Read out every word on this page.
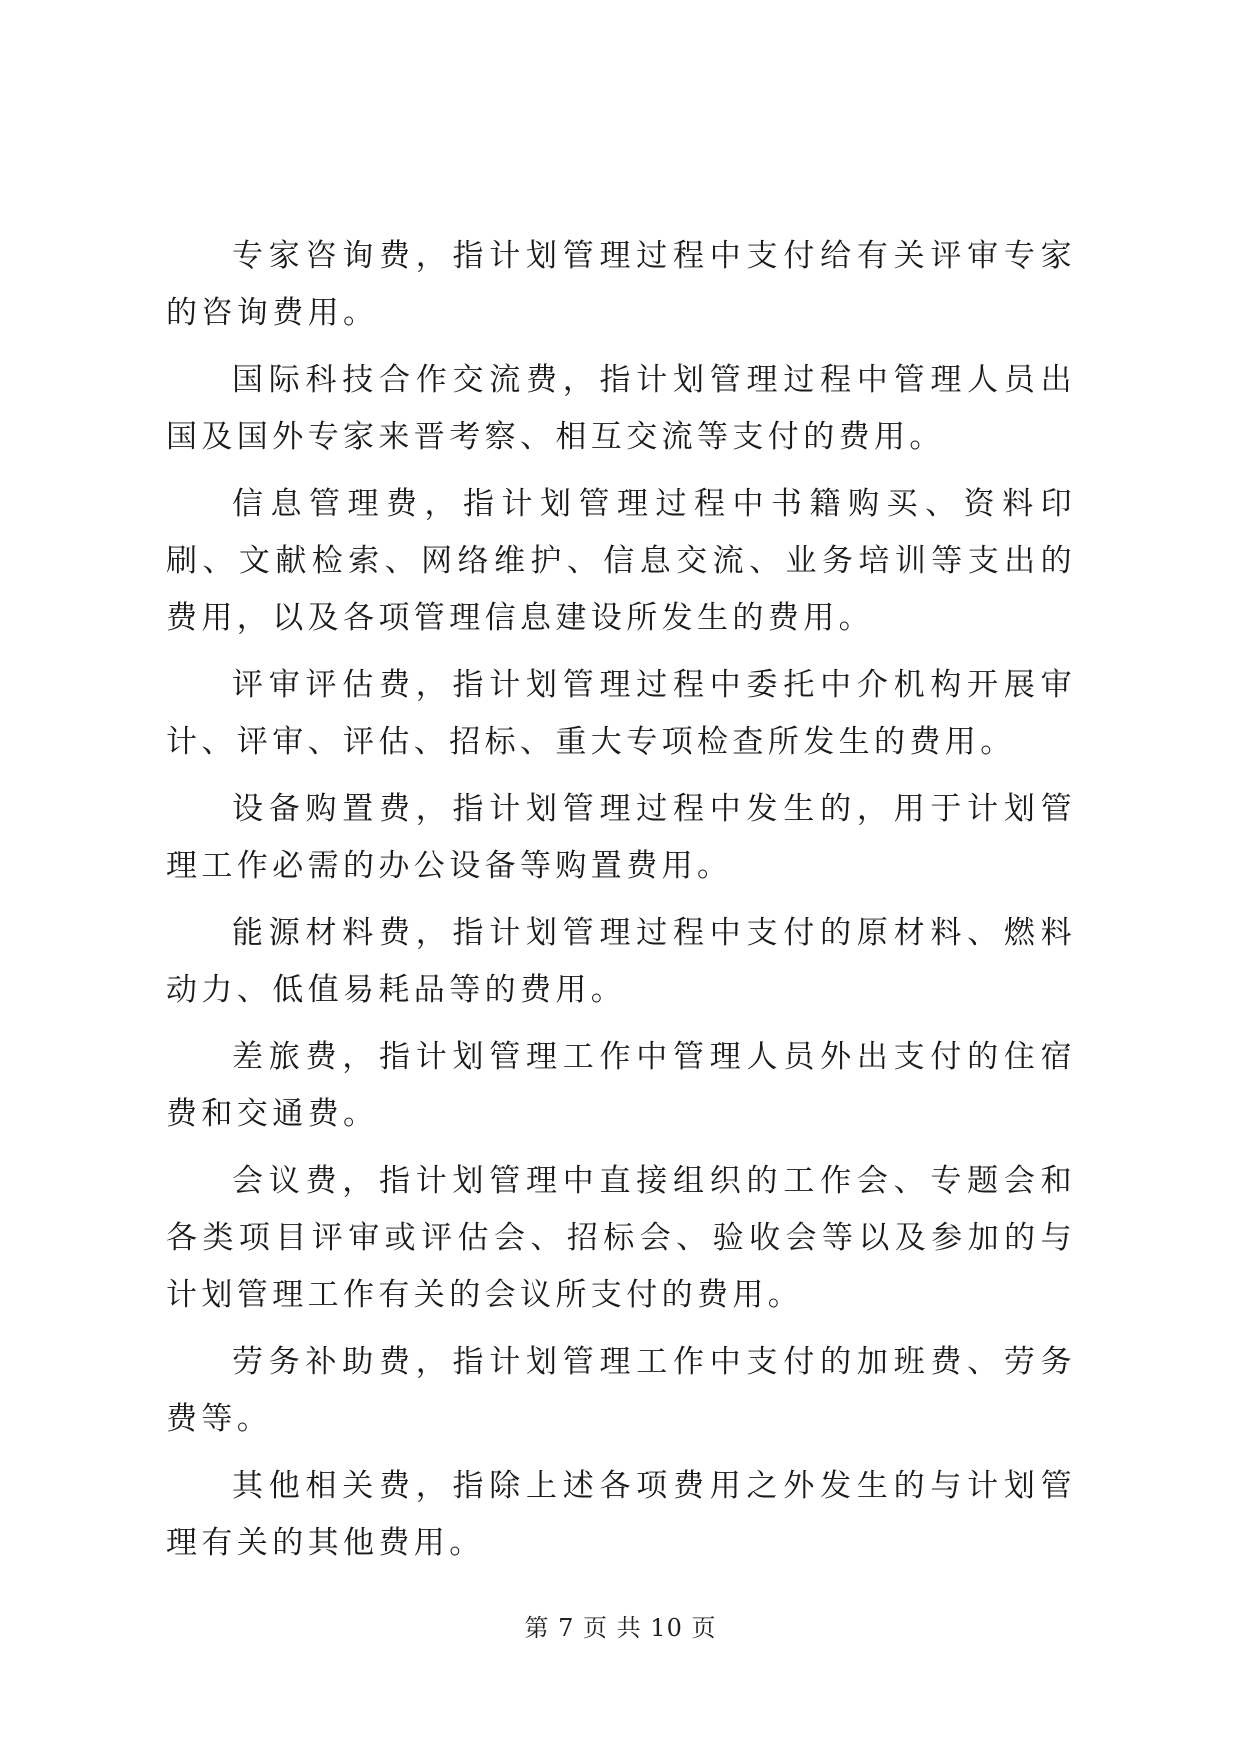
专家咨询费，指计划管理过程中支付给有关评审专家的咨询费用。

国际科技合作交流费，指计划管理过程中管理人员出国及国外专家来晋考察、相互交流等支付的费用。

信息管理费，指计划管理过程中书籍购买、资料印刷、文献检索、网络维护、信息交流、业务培训等支出的费用，以及各项管理信息建设所发生的费用。

评审评估费，指计划管理过程中委托中介机构开展审计、评审、评估、招标、重大专项检查所发生的费用。

设备购置费，指计划管理过程中发生的，用于计划管理工作必需的办公设备等购置费用。

能源材料费，指计划管理过程中支付的原材料、燃料动力、低值易耗品等的费用。

差旅费，指计划管理工作中管理人员外出支付的住宿费和交通费。

会议费，指计划管理中直接组织的工作会、专题会和各类项目评审或评估会、招标会、验收会等以及参加的与计划管理工作有关的会议所支付的费用。

劳务补助费，指计划管理工作中支付的加班费、劳务费等。

其他相关费，指除上述各项费用之外发生的与计划管理有关的其他费用。

第 7 页 共 10 页
